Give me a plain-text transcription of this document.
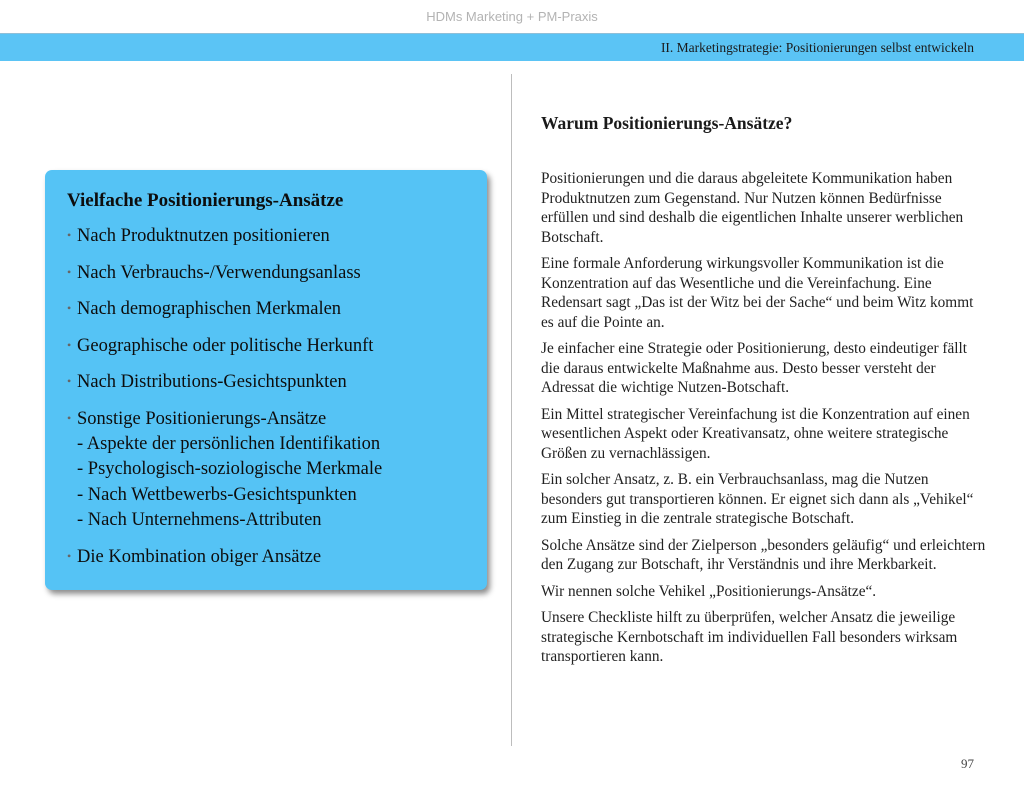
HDMs Marketing + PM-Praxis
II. Marketingstrategie: Positionierungen selbst entwickeln
Vielfache Positionierungs-Ansätze
• Nach Produktnutzen positionieren
• Nach Verbrauchs-/Verwendungsanlass
• Nach demographischen Merkmalen
• Geographische oder politische Herkunft
• Nach Distributions-Gesichtspunkten
• Sonstige Positionierungs-Ansätze
- Aspekte der persönlichen Identifikation
- Psychologisch-soziologische Merkmale
- Nach Wettbewerbs-Gesichtspunkten
- Nach Unternehmens-Attributen
• Die Kombination obiger Ansätze
Warum Positionierungs-Ansätze?

Positionierungen und die daraus abgeleitete Kommunikation haben Produktnutzen zum Gegenstand. Nur Nutzen können Bedürfnisse erfüllen und sind deshalb die eigentlichen Inhalte unserer werblichen Botschaft.

Eine formale Anforderung wirkungsvoller Kommunikation ist die Konzentration auf das Wesentliche und die Vereinfachung. Eine Redensart sagt „Das ist der Witz bei der Sache“ und beim Witz kommt es auf die Pointe an.

Je einfacher eine Strategie oder Positionierung, desto eindeutiger fällt die daraus entwickelte Maßnahme aus. Desto besser versteht der Adressat die wichtige Nutzen-Botschaft.

Ein Mittel strategischer Vereinfachung ist die Konzentration auf einen wesentlichen Aspekt oder Kreativansatz, ohne weitere strategische Größen zu vernachlässigen.

Ein solcher Ansatz, z. B. ein Verbrauchsanlass, mag die Nutzen besonders gut transportieren können. Er eignet sich dann als „Vehikel“ zum Einstieg in die zentrale strategische Botschaft.

Solche Ansätze sind der Zielperson „besonders geläufig“ und erleichtern den Zugang zur Botschaft, ihr Verständnis und ihre Merkbarkeit.

Wir nennen solche Vehikel „Positionierungs-Ansätze“.

Unsere Checkliste hilft zu überprüfen, welcher Ansatz die jeweilige strategische Kernbotschaft im individuellen Fall besonders wirksam transportieren kann.

97
